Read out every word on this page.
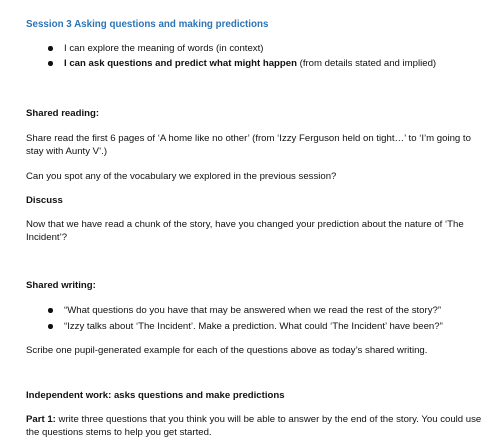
Session 3 Asking questions and making predictions
I can explore the meaning of words (in context)
I can ask questions and predict what might happen (from details stated and implied)
Shared reading:
Share read the first 6 pages of ‘A home like no other’ (from ‘Izzy Ferguson held on tight…’ to ‘I’m going to stay with Aunty V’.)
Can you spot any of the vocabulary we explored in the previous session?
Discuss
Now that we have read a chunk of the story, have you changed your prediction about the nature of ‘The Incident’?
Shared writing:
“What questions do you have that may be answered when we read the rest of the story?”
“Izzy talks about ‘The Incident’. Make a prediction. What could ‘The Incident’ have been?”
Scribe one pupil-generated example for each of the questions above as today’s shared writing.
Independent work: asks questions and make predictions
Part 1: write three questions that you think you will be able to answer by the end of the story. You could use the questions stems to help you get started.
